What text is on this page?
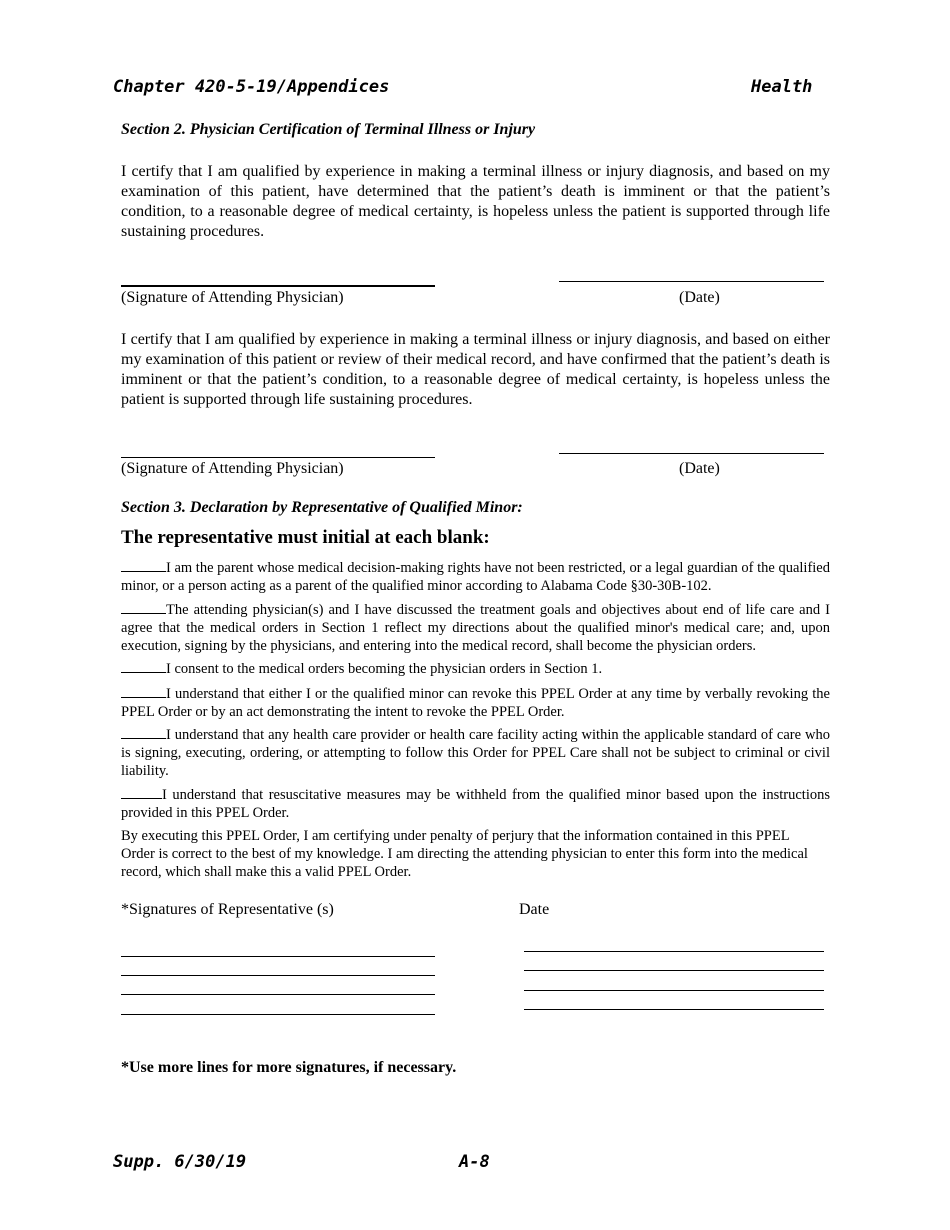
Chapter 420-5-19/Appendices	Health
Section 2. Physician Certification of Terminal Illness or Injury
I certify that I am qualified by experience in making a terminal illness or injury diagnosis, and based on my examination of this patient, have determined that the patient’s death is imminent or that the patient’s condition, to a reasonable degree of medical certainty, is hopeless unless the patient is supported through life sustaining procedures.
(Signature of Attending Physician)	(Date)
I certify that I am qualified by experience in making a terminal illness or injury diagnosis, and based on either my examination of this patient or review of their medical record, and have confirmed that the patient’s death is imminent or that the patient’s condition, to a reasonable degree of medical certainty, is hopeless unless the patient is supported through life sustaining procedures.
(Signature of Attending Physician)	(Date)
Section 3. Declaration by Representative of Qualified Minor:
The representative must initial at each blank:
I am the parent whose medical decision-making rights have not been restricted, or a legal guardian of the qualified minor, or a person acting as a parent of the qualified minor according to Alabama Code §30-30B-102.
The attending physician(s) and I have discussed the treatment goals and objectives about end of life care and I agree that the medical orders in Section 1 reflect my directions about the qualified minor's medical care; and, upon execution, signing by the physicians, and entering into the medical record, shall become the physician orders.
I consent to the medical orders becoming the physician orders in Section 1.
I understand that either I or the qualified minor can revoke this PPEL Order at any time by verbally revoking the PPEL Order or by an act demonstrating the intent to revoke the PPEL Order.
I understand that any health care provider or health care facility acting within the applicable standard of care who is signing, executing, ordering, or attempting to follow this Order for PPEL Care shall not be subject to criminal or civil liability.
I understand that resuscitative measures may be withheld from the qualified minor based upon the instructions provided in this PPEL Order.
By executing this PPEL Order, I am certifying under penalty of perjury that the information contained in this PPEL Order is correct to the best of my knowledge. I am directing the attending physician to enter this form into the medical record, which shall make this a valid PPEL Order.
*Signatures of Representative (s)	Date
*Use more lines for more signatures, if necessary.
Supp. 6/30/19	A-8
